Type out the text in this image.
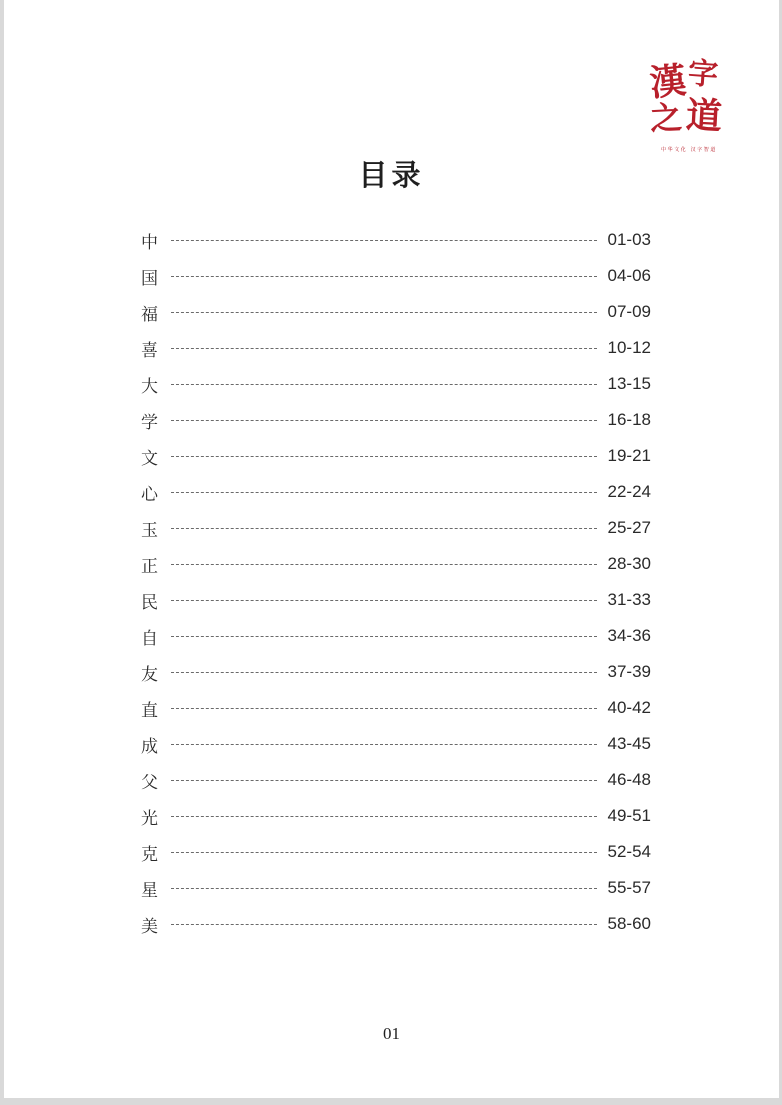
漢
字
之 道
中华文化 汉字智道
目录
中	01-03
国	04-06
福	07-09
喜	10-12
大	13-15
学	16-18
文	19-21
心	22-24
玉	25-27
正	28-30
民	31-33
自	34-36
友	37-39
直	40-42
成	43-45
父	46-48
光	49-51
克	52-54
星	55-57
美	58-60
01
